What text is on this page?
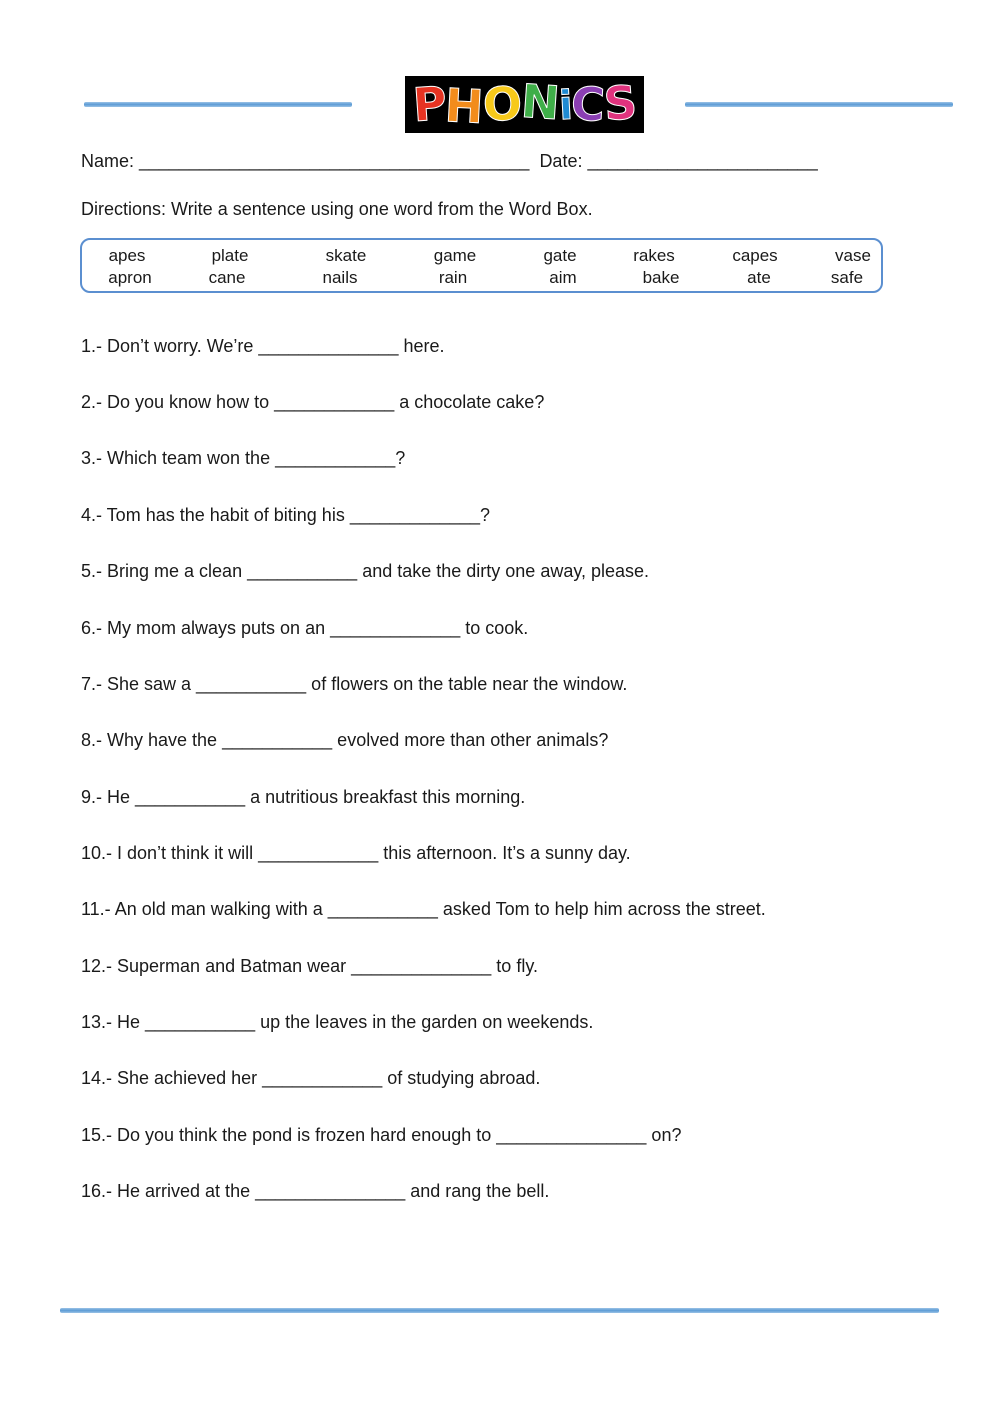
P
H
O
N
i
C
S
Name: _______________________________________  Date: _______________________
Directions: Write a sentence using one word from the Word Box.
apes	plate	skate	game	gate	rakes	capes	vase
apron	cane	nails	rain	aim	bake	ate	safe
1.- Don’t worry. We’re ______________ here.
2.- Do you know how to ____________ a chocolate cake?
3.- Which team won the ____________?
4.- Tom has the habit of biting his _____________?
5.- Bring me a clean ___________ and take the dirty one away, please.
6.- My mom always puts on an _____________ to cook.
7.- She saw a ___________ of flowers on the table near the window.
8.- Why have the ___________ evolved more than other animals?
9.- He ___________ a nutritious breakfast this morning.
10.- I don’t think it will ____________ this afternoon. It’s a sunny day.
11.- An old man walking with a ___________ asked Tom to help him across the street.
12.- Superman and Batman wear ______________ to fly.
13.- He ___________ up the leaves in the garden on weekends.
14.- She achieved her ____________ of studying abroad.
15.- Do you think the pond is frozen hard enough to _______________ on?
16.- He arrived at the _______________ and rang the bell.
